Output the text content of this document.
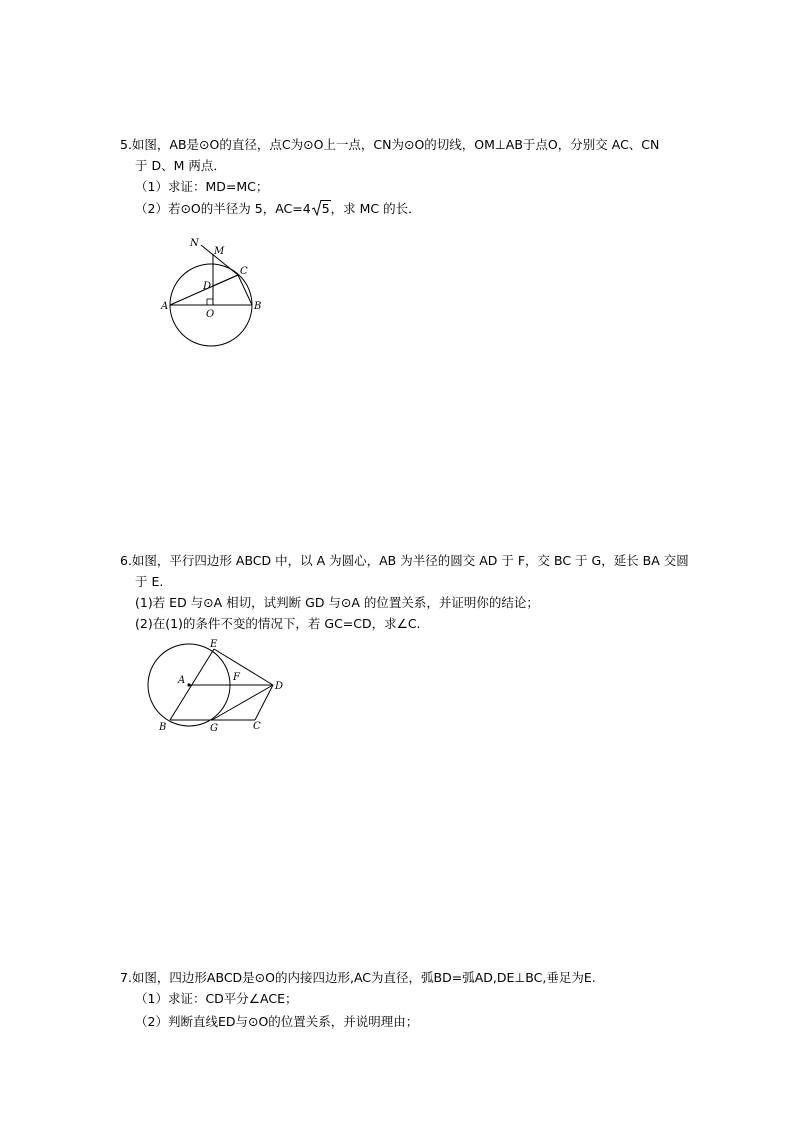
5.如图，AB是⊙O的直径，点C为⊙O上一点，CN为⊙O的切线，OM⊥AB于点O，分别交 AC、CN
于 D、M 两点．
（1）求证：MD=MC；
（2）若⊙O的半径为 5，AC=4 5，求 MC 的长．
N
M
C
D
A
O
B
6.如图，平行四边形 ABCD 中，以 A 为圆心，AB 为半径的圆交 AD 于 F，交 BC 于 G，延长 BA 交圆
于 E.
(1)若 ED 与⊙A 相切，试判断 GD 与⊙A 的位置关系，并证明你的结论；
(2)在(1)的条件不变的情况下，若 GC=CD，求∠C.
E
A	F
D
B	G	C
7.如图，四边形ABCD是⊙O的内接四边形,AC为直径，弧BD=弧AD,DE⊥BC,垂足为E.
（1）求证：CD平分∠ACE；
（2）判断直线ED与⊙O的位置关系，并说明理由；
